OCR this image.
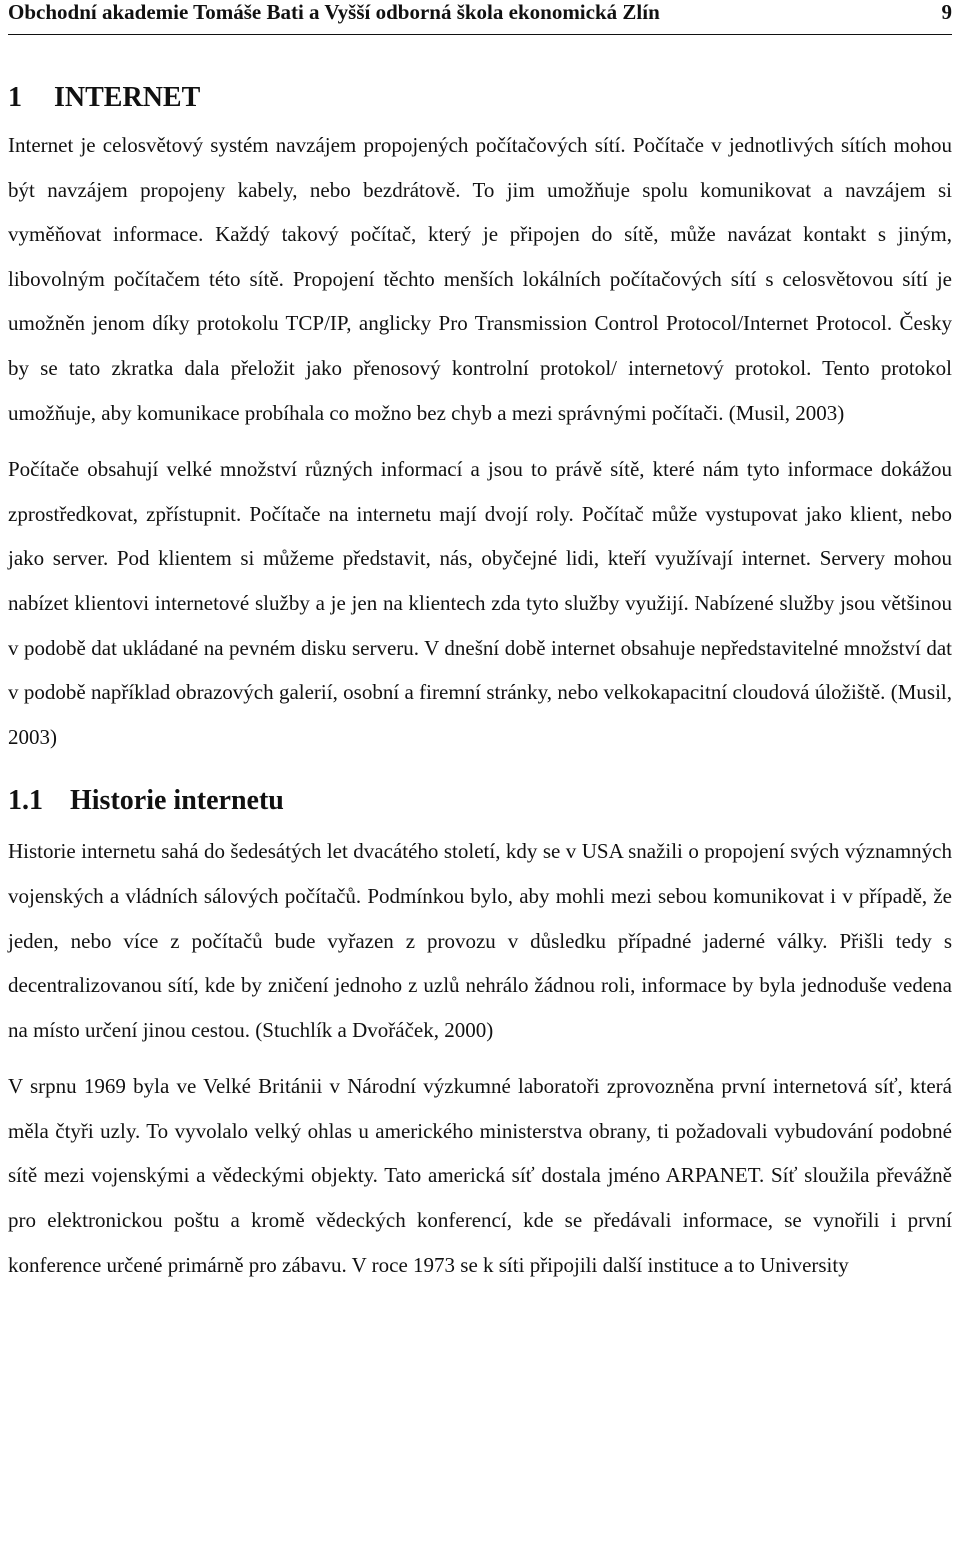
Obchodní akademie Tomáše Bati a Vyšší odborná škola ekonomická Zlín	9
1 INTERNET

Internet je celosvětový systém navzájem propojených počítačových sítí. Počítače v jednotlivých sítích mohou být navzájem propojeny kabely, nebo bezdrátově. To jim umožňuje spolu komunikovat a navzájem si vyměňovat informace. Každý takový počítač, který je připojen do sítě, může navázat kontakt s jiným, libovolným počítačem této sítě. Propojení těchto menších lokálních počítačových sítí s celosvětovou sítí je umožněn jenom díky protokolu TCP/IP, anglicky Pro Transmission Control Protocol/Internet Protocol. Česky by se tato zkratka dala přeložit jako přenosový kontrolní protokol/ internetový protokol. Tento protokol umožňuje, aby komunikace probíhala co možno bez chyb a mezi správnými počítači. (Musil, 2003)

Počítače obsahují velké množství různých informací a jsou to právě sítě, které nám tyto informace dokážou zprostředkovat, zpřístupnit. Počítače na internetu mají dvojí roly. Počítač může vystupovat jako klient, nebo jako server. Pod klientem si můžeme představit, nás, obyčejné lidi, kteří využívají internet. Servery mohou nabízet klientovi internetové služby a je jen na klientech zda tyto služby využijí. Nabízené služby jsou většinou v podobě dat ukládané na pevném disku serveru. V dnešní době internet obsahuje nepředstavitelné množství dat v podobě například obrazových galerií, osobní a firemní stránky, nebo velkokapacitní cloudová úložiště. (Musil, 2003)

1.1 Historie internetu

Historie internetu sahá do šedesátých let dvacátého století, kdy se v USA snažili o propojení svých významných vojenských a vládních sálových počítačů. Podmínkou bylo, aby mohli mezi sebou komunikovat i v případě, že jeden, nebo více z počítačů bude vyřazen z provozu v důsledku případné jaderné války. Přišli tedy s decentralizovanou sítí, kde by zničení jednoho z uzlů nehrálo žádnou roli, informace by byla jednoduše vedena na místo určení jinou cestou. (Stuchlík a Dvořáček, 2000)

V srpnu 1969 byla ve Velké Británii v Národní výzkumné laboratoři zprovozněna první internetová síť, která měla čtyři uzly. To vyvolalo velký ohlas u amerického ministerstva obrany, ti požadovali vybudování podobné sítě mezi vojenskými a vědeckými objekty. Tato americká síť dostala jméno ARPANET. Síť sloužila převážně pro elektronickou poštu a kromě vědeckých konferencí, kde se předávali informace, se vynořili i první konference určené primárně pro zábavu. V roce 1973 se k síti připojili další instituce a to University
